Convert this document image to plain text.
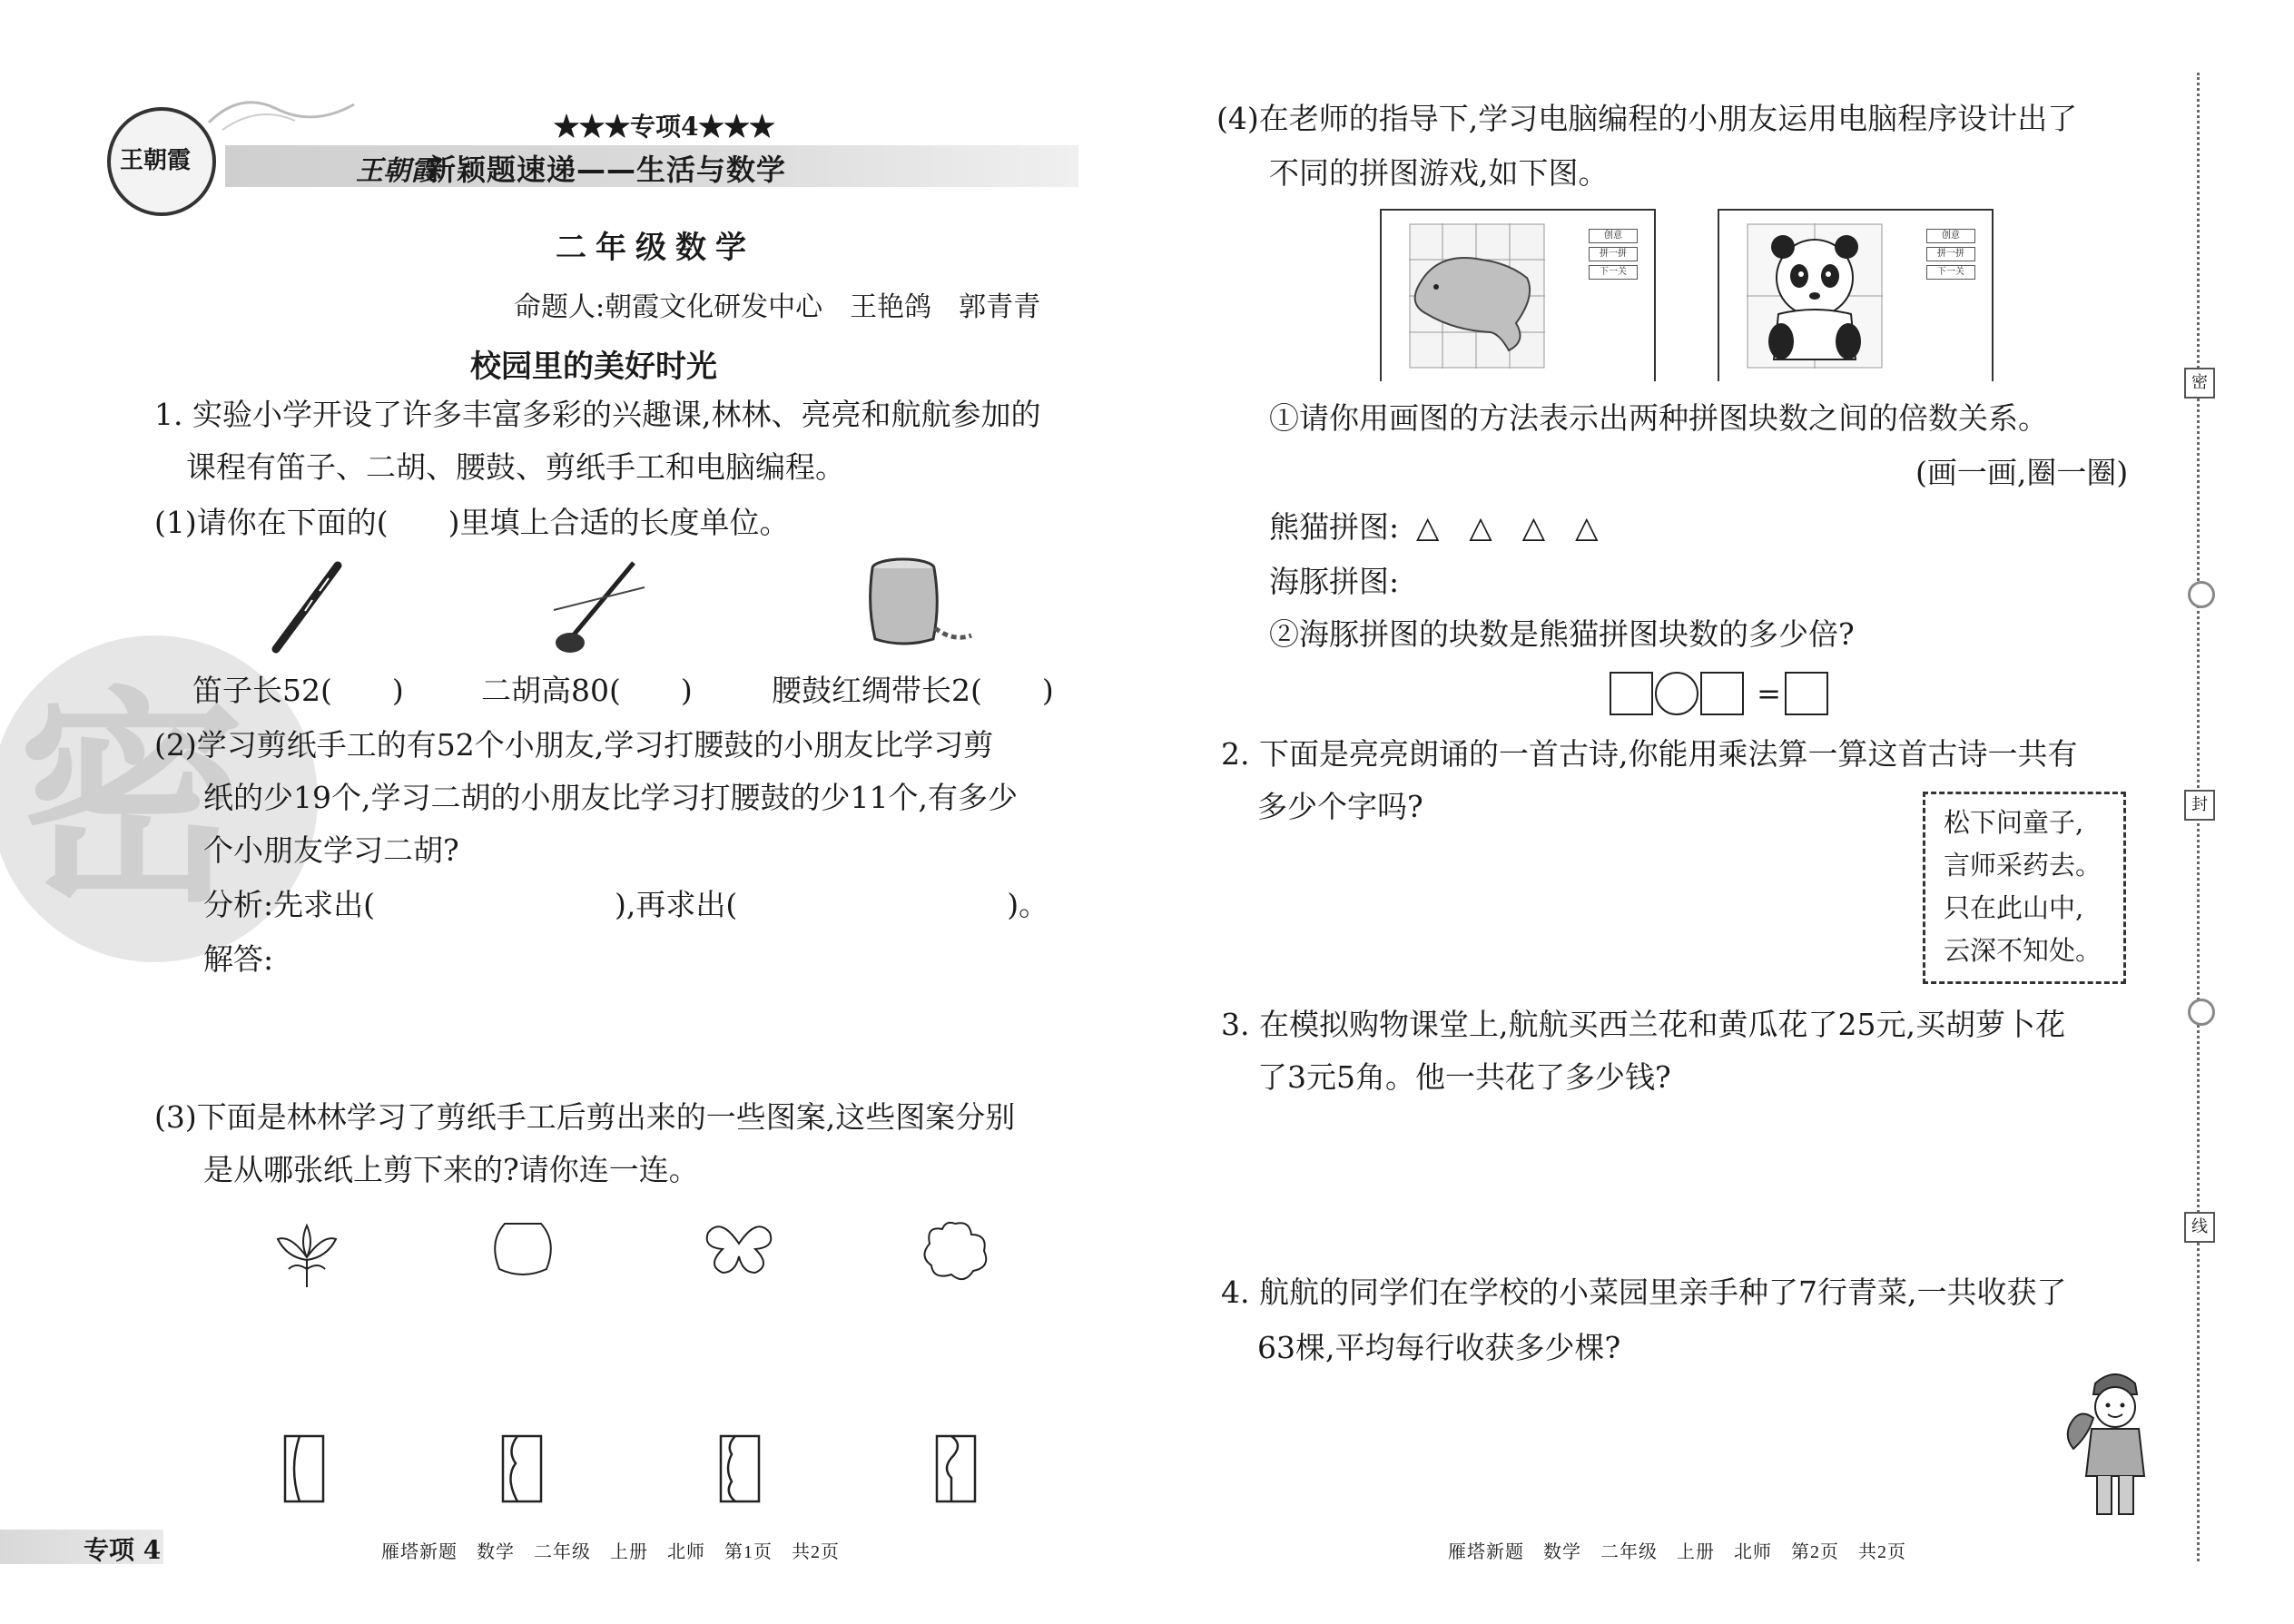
密
王朝霞
★★★专项4★★★
王朝霞
新颖题速递——生活与数学
二年级数学
命题人:朝霞文化研发中心　王艳鸽　郭青青
校园里的美好时光
1. 实验小学开设了许多丰富多彩的兴趣课,林林、亮亮和航航参加的
课程有笛子、二胡、腰鼓、剪纸手工和电脑编程。
(1)请你在下面的(　　)里填上合适的长度单位。
笛子长52(　　)	二胡高80(　　)	腰鼓红绸带长2(　　)
(2)学习剪纸手工的有52个小朋友,学习打腰鼓的小朋友比学习剪
纸的少19个,学习二胡的小朋友比学习打腰鼓的少11个,有多少
个小朋友学习二胡?
分析:先求出(　　　　　　　　),再求出(　　　　　　　　　)。
解答:
(3)下面是林林学习了剪纸手工后剪出来的一些图案,这些图案分别
是从哪张纸上剪下来的?请你连一连。
专项 4	雁塔新题　数学　二年级　上册　北师　第1页　共2页
(4)在老师的指导下,学习电脑编程的小朋友运用电脑程序设计出了
不同的拼图游戏,如下图。
创意
拼一拼
下一关
创意
拼一拼
下一关
①请你用画图的方法表示出两种拼图块数之间的倍数关系。
(画一画,圈一圈)
熊猫拼图: △　△　△　△
海豚拼图:
②海豚拼图的块数是熊猫拼图块数的多少倍?
=
2. 下面是亮亮朗诵的一首古诗,你能用乘法算一算这首古诗一共有
多少个字吗?	松下问童子,
言师采药去。
只在此山中,
云深不知处。
3. 在模拟购物课堂上,航航买西兰花和黄瓜花了25元,买胡萝卜花
了3元5角。他一共花了多少钱?
4. 航航的同学们在学校的小菜园里亲手种了7行青菜,一共收获了
63棵,平均每行收获多少棵?
密
封
线
雁塔新题　数学　二年级　上册　北师　第2页　共2页
